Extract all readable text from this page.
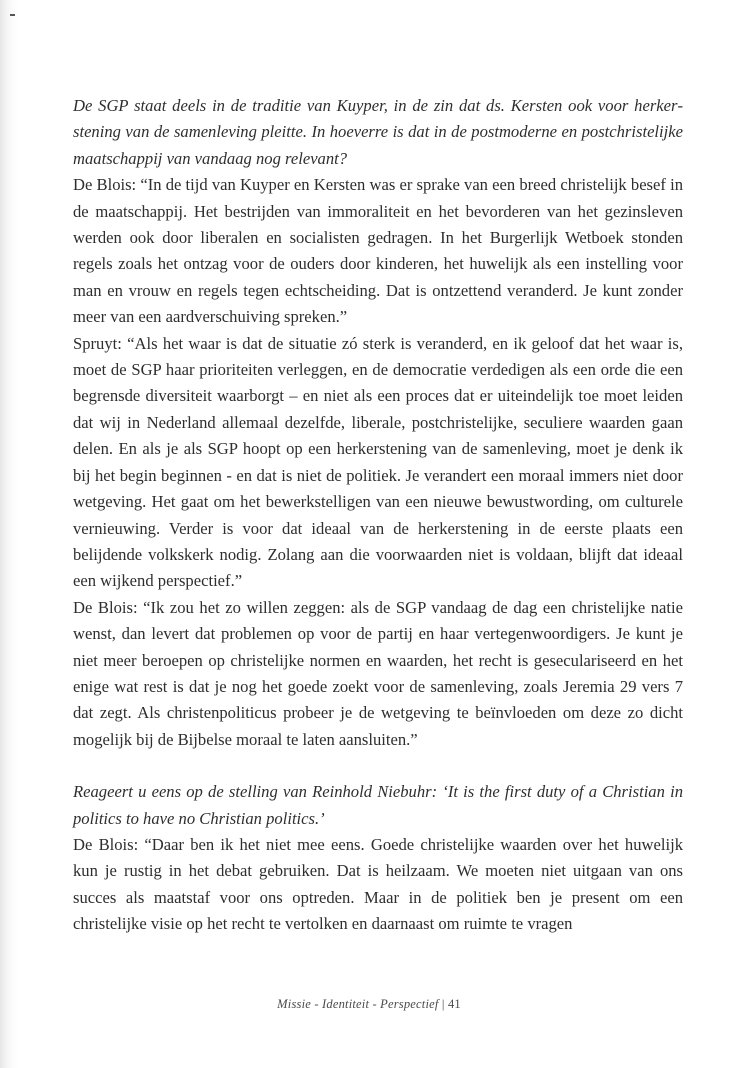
De SGP staat deels in de traditie van Kuyper, in de zin dat ds. Kersten ook voor herkerstening van de samenleving pleitte. In hoeverre is dat in de postmoderne en postchristelijke maatschappij van vandaag nog relevant?

De Blois: “In de tijd van Kuyper en Kersten was er sprake van een breed christelijk besef in de maatschappij. Het bestrijden van immoraliteit en het bevorderen van het gezinsleven werden ook door liberalen en socialisten gedragen. In het Burgerlijk Wetboek stonden regels zoals het ontzag voor de ouders door kinderen, het huwelijk als een instelling voor man en vrouw en regels tegen echtscheiding. Dat is ontzettend veranderd. Je kunt zonder meer van een aardverschuiving spreken.”

Spruyt: “Als het waar is dat de situatie zó sterk is veranderd, en ik geloof dat het waar is, moet de SGP haar prioriteiten verleggen, en de democratie verdedigen als een orde die een begrensde diversiteit waarborgt – en niet als een proces dat er uiteindelijk toe moet leiden dat wij in Nederland allemaal dezelfde, liberale, postchristelijke, seculiere waarden gaan delen. En als je als SGP hoopt op een herkerstening van de samenleving, moet je denk ik bij het begin beginnen - en dat is niet de politiek. Je verandert een moraal immers niet door wetgeving. Het gaat om het bewerkstelligen van een nieuwe bewustwording, om culturele vernieuwing. Verder is voor dat ideaal van de herkerstening in de eerste plaats een belijdende volkskerk nodig. Zolang aan die voorwaarden niet is voldaan, blijft dat ideaal een wijkend perspectief.”

De Blois: “Ik zou het zo willen zeggen: als de SGP vandaag de dag een christelijke natie wenst, dan levert dat problemen op voor de partij en haar vertegenwoordigers. Je kunt je niet meer beroepen op christelijke normen en waarden, het recht is geseculariseerd en het enige wat rest is dat je nog het goede zoekt voor de samenleving, zoals Jeremia 29 vers 7 dat zegt. Als christenpoliticus probeer je de wetgeving te beïnvloeden om deze zo dicht mogelijk bij de Bijbelse moraal te laten aansluiten.”

Reageert u eens op de stelling van Reinhold Niebuhr: ‘It is the first duty of a Christian in politics to have no Christian politics.’

De Blois: “Daar ben ik het niet mee eens. Goede christelijke waarden over het huwelijk kun je rustig in het debat gebruiken. Dat is heilzaam. We moeten niet uitgaan van ons succes als maatstaf voor ons optreden. Maar in de politiek ben je present om een christelijke visie op het recht te vertolken en daarnaast om ruimte te vragen

Missie - Identiteit - Perspectief | 41
